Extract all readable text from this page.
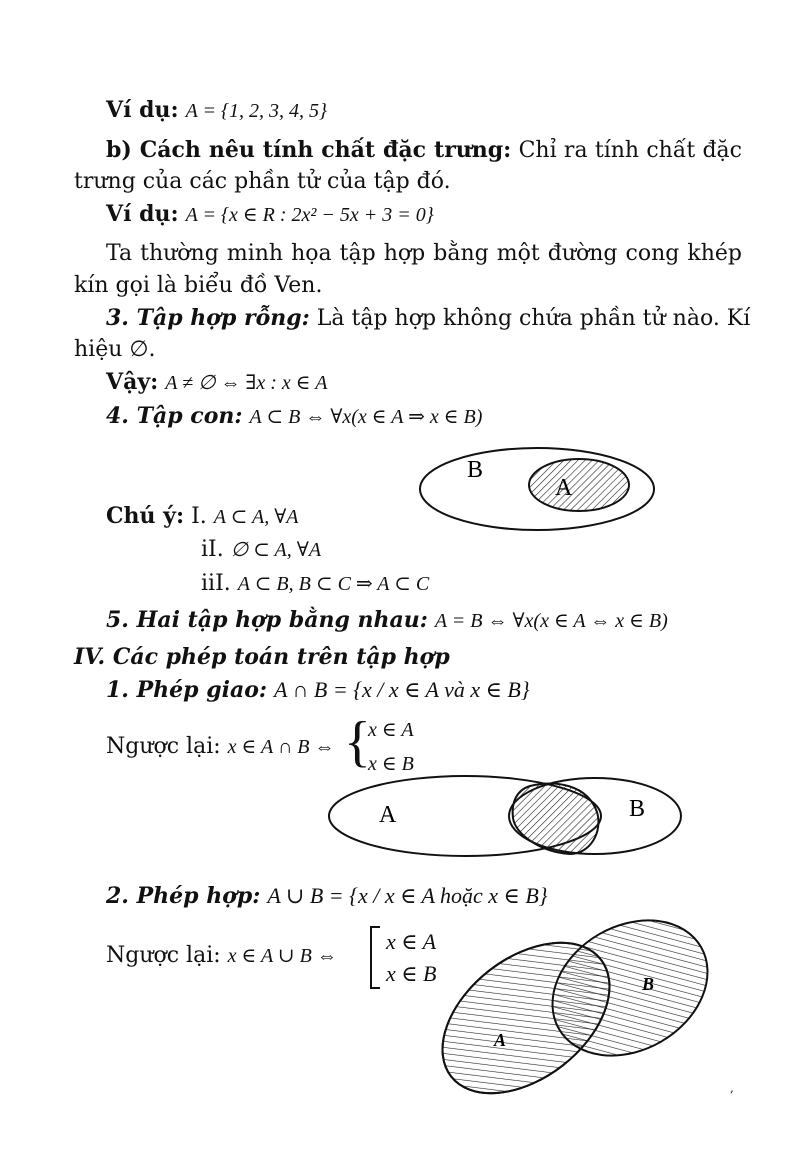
Ví dụ: A = {1, 2, 3, 4, 5}
b) Cách nêu tính chất đặc trưng: Chỉ ra tính chất đặc
trưng của các phần tử của tập đó.
Ví dụ: A = {x ∈ R : 2x² − 5x + 3 = 0}
Ta thường minh họa tập hợp bằng một đường cong khép
kín gọi là biểu đồ Ven.
3. Tập hợp rỗng: Là tập hợp không chứa phần tử nào. Kí
hiệu ∅.
Vậy: A ≠ ∅ ⇔ ∃x : x ∈ A
4. Tập con: A ⊂ B ⇔ ∀x(x ∈ A ⇒ x ∈ B)
B
A
Chú ý: I. A ⊂ A, ∀A
iI. ∅ ⊂ A, ∀A
iiI. A ⊂ B, B ⊂ C ⇒ A ⊂ C
5. Hai tập hợp bằng nhau: A = B ⇔ ∀x(x ∈ A ⇔ x ∈ B)
IV. Các phép toán trên tập hợp
1. Phép giao: A ∩ B = {x / x ∈ A và x ∈ B}
Ngược lại: x ∈ A ∩ B ⇔ {
x ∈ A
x ∈ B
A	B
2. Phép hợp: A ∪ B = {x / x ∈ A hoặc x ∈ B}
Ngược lại: x ∈ A ∪ B ⇔
x ∈ A
x ∈ B
A
B
,
